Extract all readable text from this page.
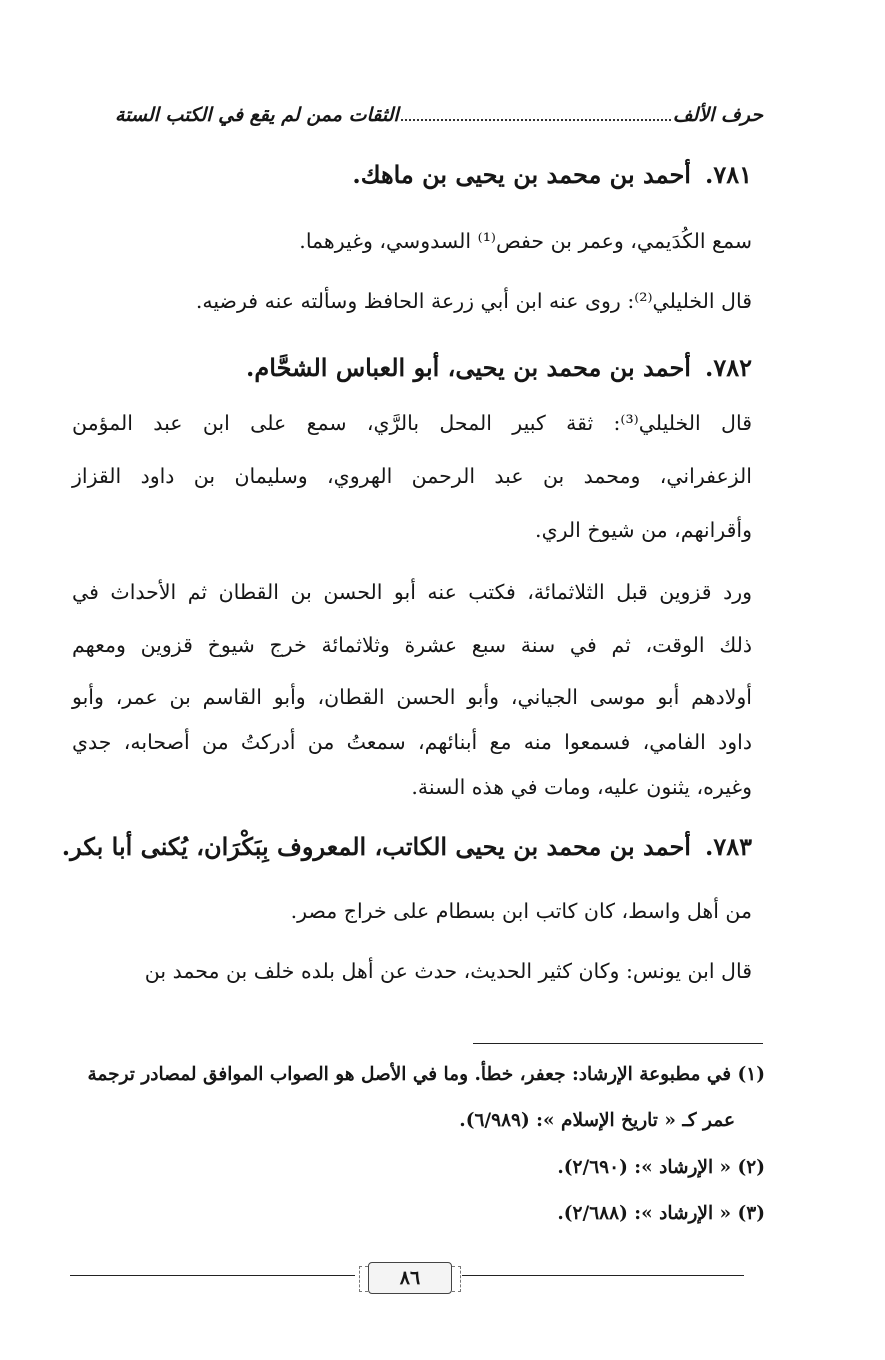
حرف الألف
الثقات ممن لم يقع في الكتب الستة

٧٨١.أحمد بن محمد بن يحيى بن ماهك.

سمع الكُدَيمي، وعمر بن حفص⁽¹⁾ السدوسي، وغيرهما.

قال الخليلي⁽²⁾: روى عنه ابن أبي زرعة الحافظ وسألته عنه فرضيه.

٧٨٢.أحمد بن محمد بن يحيى، أبو العباس الشحَّام.

قال الخليلي⁽³⁾: ثقة كبير المحل بالرَّي، سمع على ابن عبد المؤمن

الزعفراني، ومحمد بن عبد الرحمن الهروي، وسليمان بن داود القزاز

وأقرانهم، من شيوخ الري.

ورد قزوين قبل الثلاثمائة، فكتب عنه أبو الحسن بن القطان ثم الأحداث في

ذلك الوقت، ثم في سنة سبع عشرة وثلاثمائة خرج شيوخ قزوين ومعهم

أولادهم أبو موسى الجياني، وأبو الحسن القطان، وأبو القاسم بن عمر، وأبو

داود الفامي، فسمعوا منه مع أبنائهم، سمعتُ من أدركتُ من أصحابه، جدي

وغيره، يثنون عليه، ومات في هذه السنة.

٧٨٣.أحمد بن محمد بن يحيى الكاتب، المعروف بِبَكْرَان، يُكنى أبا بكر.

من أهل واسط، كان كاتب ابن بسطام على خراج مصر.

قال ابن يونس: وكان كثير الحديث، حدث عن أهل بلده خلف بن محمد بن

(١) في مطبوعة الإرشاد: جعفر، خطأ. وما في الأصل هو الصواب الموافق لمصادر ترجمة

عمر كـ « تاريخ الإسلام »: (٦/٩٨٩).

(٢) « الإرشاد »: (٢/٦٩٠).

(٣) « الإرشاد »: (٢/٦٨٨).

٨٦
